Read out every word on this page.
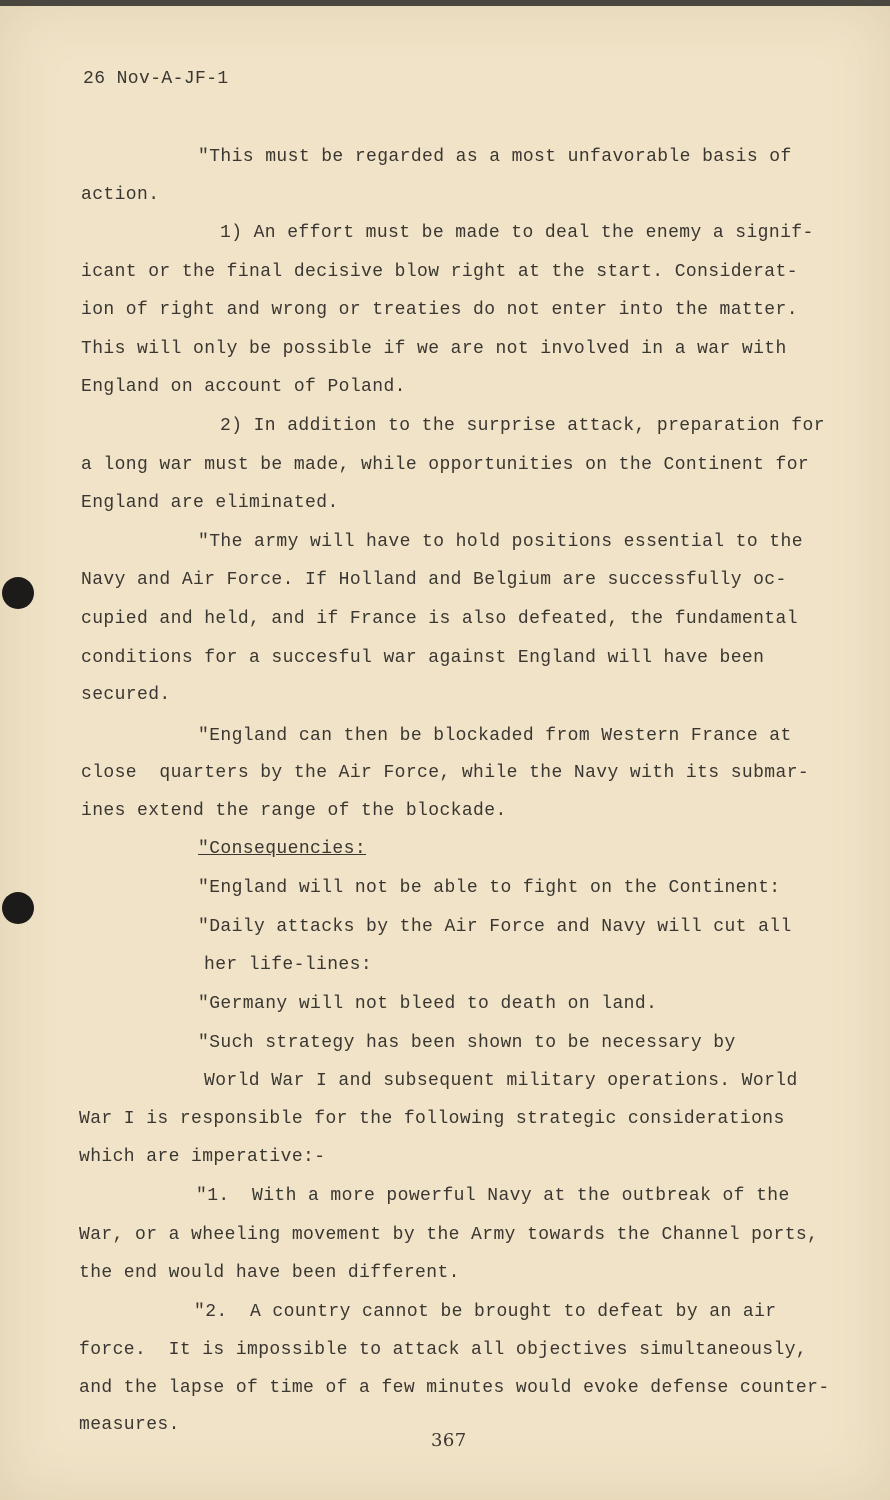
26 Nov-A-JF-1

"This must be regarded as a most unfavorable basis of

action.

1) An effort must be made to deal the enemy a signif-

icant or the final decisive blow right at the start. Considerat-

ion of right and wrong or treaties do not enter into the matter.

This will only be possible if we are not involved in a war with

England on account of Poland.

2) In addition to the surprise attack, preparation for

a long war must be made, while opportunities on the Continent for

England are eliminated.

"The army will have to hold positions essential to the

Navy and Air Force. If Holland and Belgium are successfully oc-

cupied and held, and if France is also defeated, the fundamental

conditions for a succesful war against England will have been

secured.

"England can then be blockaded from Western France at

close  quarters by the Air Force, while the Navy with its submar-

ines extend the range of the blockade.

"Consequencies:

"England will not be able to fight on the Continent:

"Daily attacks by the Air Force and Navy will cut all

her life-lines:

"Germany will not bleed to death on land.

"Such strategy has been shown to be necessary by

World War I and subsequent military operations. World

War I is responsible for the following strategic considerations

which are imperative:-

"1.  With a more powerful Navy at the outbreak of the

War, or a wheeling movement by the Army towards the Channel ports,

the end would have been different.

"2.  A country cannot be brought to defeat by an air

force.  It is impossible to attack all objectives simultaneously,

and the lapse of time of a few minutes would evoke defense counter-

measures.

367
